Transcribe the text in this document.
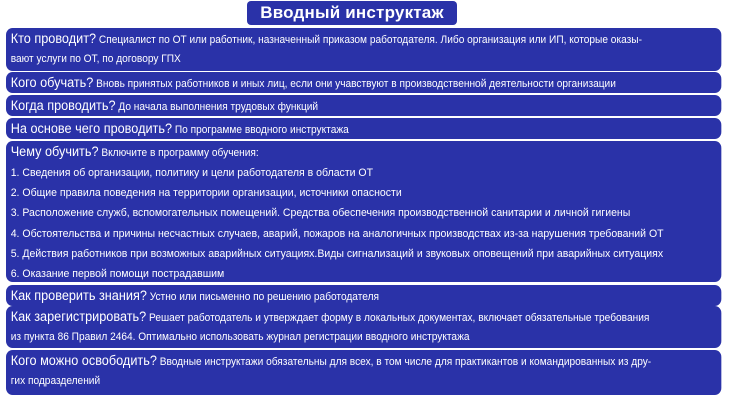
Вводный инструктаж
Кто проводит? Специалист по ОТ или работник, назначенный приказом работодателя. Либо организация или ИП, которые оказы-
вают услуги по ОТ, по договору ГПХ
Кого обучать? Вновь принятых работников и иных лиц, если они учавствуют в производственной деятельности организации
Когда проводить? До начала выполнения трудовых функций
На основе чего проводить? По программе вводного инструктажа
Чему обучить? Включите в программу обучения:
1. Сведения об организации, политику и цели работодателя в области ОТ
2. Общие правила поведения на территории организации, источники опасности
3. Расположение служб, вспомогательных помещений. Средства обеспечения производственной санитарии и личной гигиены
4. Обстоятельства и причины несчастных случаев, аварий, пожаров на аналогичных производствах из-за нарушения требований ОТ
5. Действия работников при возможных аварийных ситуациях.Виды сигнализаций и звуковых оповещений при аварийных ситуациях
6. Оказание первой помощи пострадавшим
Как проверить знания? Устно или письменно по решению работодателя
Как зарегистрировать? Решает работодатель и утверждает форму в локальных документах, включает обязательные требования
из пункта 86 Правил 2464. Оптимально использовать журнал регистрации вводного инструктажа
Кого можно освободить? Вводные инструктажи обязательны для всех, в том числе для практикантов и командированных из дру-
гих подразделений
